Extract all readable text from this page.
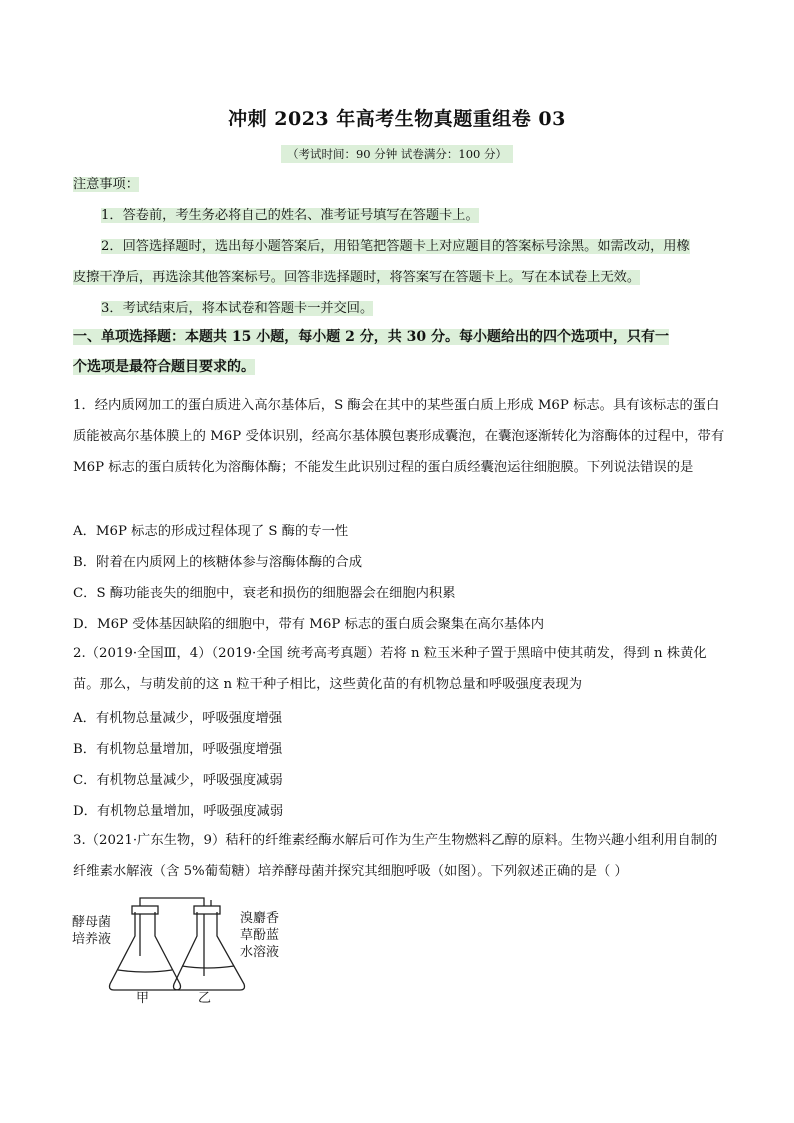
冲刺 2023 年高考生物真题重组卷 03
（考试时间：90 分钟 试卷满分：100 分）
注意事项：
1．答卷前，考生务必将自己的姓名、准考证号填写在答题卡上。
2．回答选择题时，选出每小题答案后，用铅笔把答题卡上对应题目的答案标号涂黑。如需改动，用橡
皮擦干净后，再选涂其他答案标号。回答非选择题时，将答案写在答题卡上。写在本试卷上无效。
3．考试结束后，将本试卷和答题卡一并交回。
一、单项选择题：本题共 15 小题，每小题 2 分，共 30 分。每小题给出的四个选项中，只有一
个选项是最符合题目要求的。
1．经内质网加工的蛋白质进入高尔基体后，S 酶会在其中的某些蛋白质上形成 M6P 标志。具有该标志的蛋白质能被高尔基体膜上的 M6P 受体识别，经高尔基体膜包裹形成囊泡，在囊泡逐渐转化为溶酶体的过程中，带有 M6P 标志的蛋白质转化为溶酶体酶；不能发生此识别过程的蛋白质经囊泡运往细胞膜。下列说法错误的是
A．M6P 标志的形成过程体现了 S 酶的专一性
B．附着在内质网上的核糖体参与溶酶体酶的合成
C．S 酶功能丧失的细胞中，衰老和损伤的细胞器会在细胞内积累
D．M6P 受体基因缺陷的细胞中，带有 M6P 标志的蛋白质会聚集在高尔基体内
2.（2019·全国Ⅲ，4）（2019·全国 统考高考真题）若将 n 粒玉米种子置于黑暗中使其萌发，得到 n 株黄化苗。那么，与萌发前的这 n 粒干种子相比，这些黄化苗的有机物总量和呼吸强度表现为
A．有机物总量减少，呼吸强度增强
B．有机物总量增加，呼吸强度增强
C．有机物总量减少，呼吸强度减弱
D．有机物总量增加，呼吸强度减弱
3.（2021·广东生物，9）秸秆的纤维素经酶水解后可作为生产生物燃料乙醇的原料。生物兴趣小组利用自制的纤维素水解液（含 5%葡萄糖）培养酵母菌并探究其细胞呼吸（如图）。下列叙述正确的是（ ）
酵母菌
培养液
溴麝香
草酚蓝
水溶液
甲	乙
